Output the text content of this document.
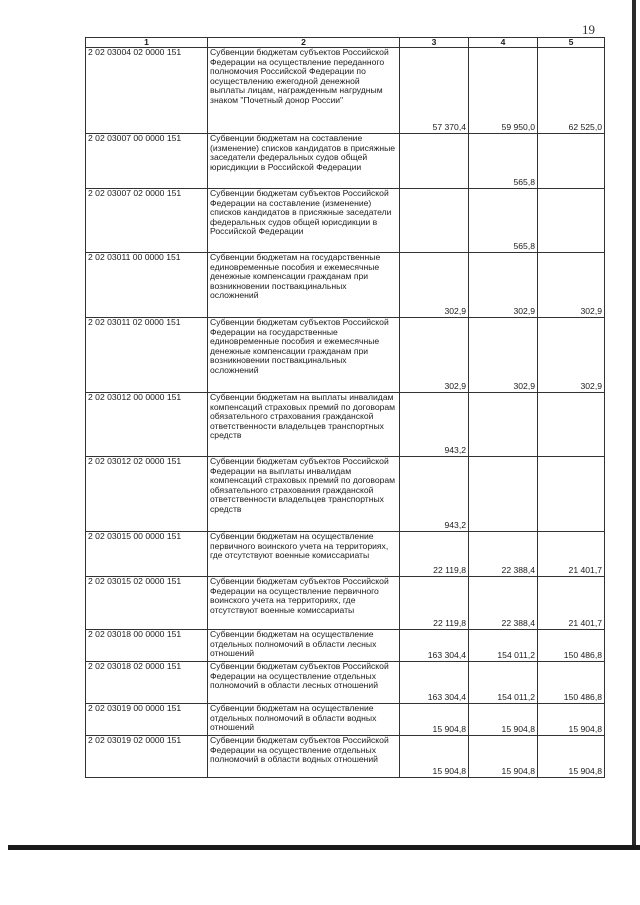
19
1	2	3	4	5
2 02 03004 02 0000 151	Субвенции бюджетам субъектов Российской Федерации на осуществление переданного полномочия Российской Федерации по осуществлению ежегодной денежной выплаты лицам, награжденным нагрудным знаком "Почетный донор России"	57 370,4	59 950,0	62 525,0
2 02 03007 00 0000 151	Субвенции бюджетам на составление (изменение) списков кандидатов в присяжные заседатели федеральных судов общей юрисдикции в Российской Федерации		565,8	
2 02 03007 02 0000 151	Субвенции бюджетам субъектов Российской Федерации на составление (изменение) списков кандидатов в присяжные заседатели федеральных судов общей юрисдикции в Российской Федерации		565,8	
2 02 03011 00 0000 151	Субвенции бюджетам на государственные единовременные пособия и ежемесячные денежные компенсации гражданам при возникновении поствакцинальных осложнений	302,9	302,9	302,9
2 02 03011 02 0000 151	Субвенции бюджетам субъектов Российской Федерации на государственные единовременные пособия и ежемесячные денежные компенсации гражданам при возникновении поствакцинальных осложнений	302,9	302,9	302,9
2 02 03012 00 0000 151	Субвенции бюджетам на выплаты инвалидам компенсаций страховых премий по договорам обязательного страхования гражданской ответственности владельцев транспортных средств	943,2		
2 02 03012 02 0000 151	Субвенции бюджетам субъектов Российской Федерации на выплаты инвалидам компенсаций страховых премий по договорам обязательного страхования гражданской ответственности владельцев транспортных средств	943,2		
2 02 03015 00 0000 151	Субвенции бюджетам на осуществление первичного воинского учета на территориях, где отсутствуют военные комиссариаты	22 119,8	22 388,4	21 401,7
2 02 03015 02 0000 151	Субвенции бюджетам субъектов Российской Федерации на осуществление первичного воинского учета на территориях, где отсутствуют военные комиссариаты	22 119,8	22 388,4	21 401,7
2 02 03018 00 0000 151	Субвенции бюджетам на осуществление отдельных полномочий в области лесных отношений	163 304,4	154 011,2	150 486,8
2 02 03018 02 0000 151	Субвенции бюджетам субъектов Российской Федерации на осуществление отдельных полномочий в области лесных отношений	163 304,4	154 011,2	150 486,8
2 02 03019 00 0000 151	Субвенции бюджетам на осуществление отдельных полномочий в области водных отношений	15 904,8	15 904,8	15 904,8
2 02 03019 02 0000 151	Субвенции бюджетам субъектов Российской Федерации на осуществление отдельных полномочий в области водных отношений	15 904,8	15 904,8	15 904,8
